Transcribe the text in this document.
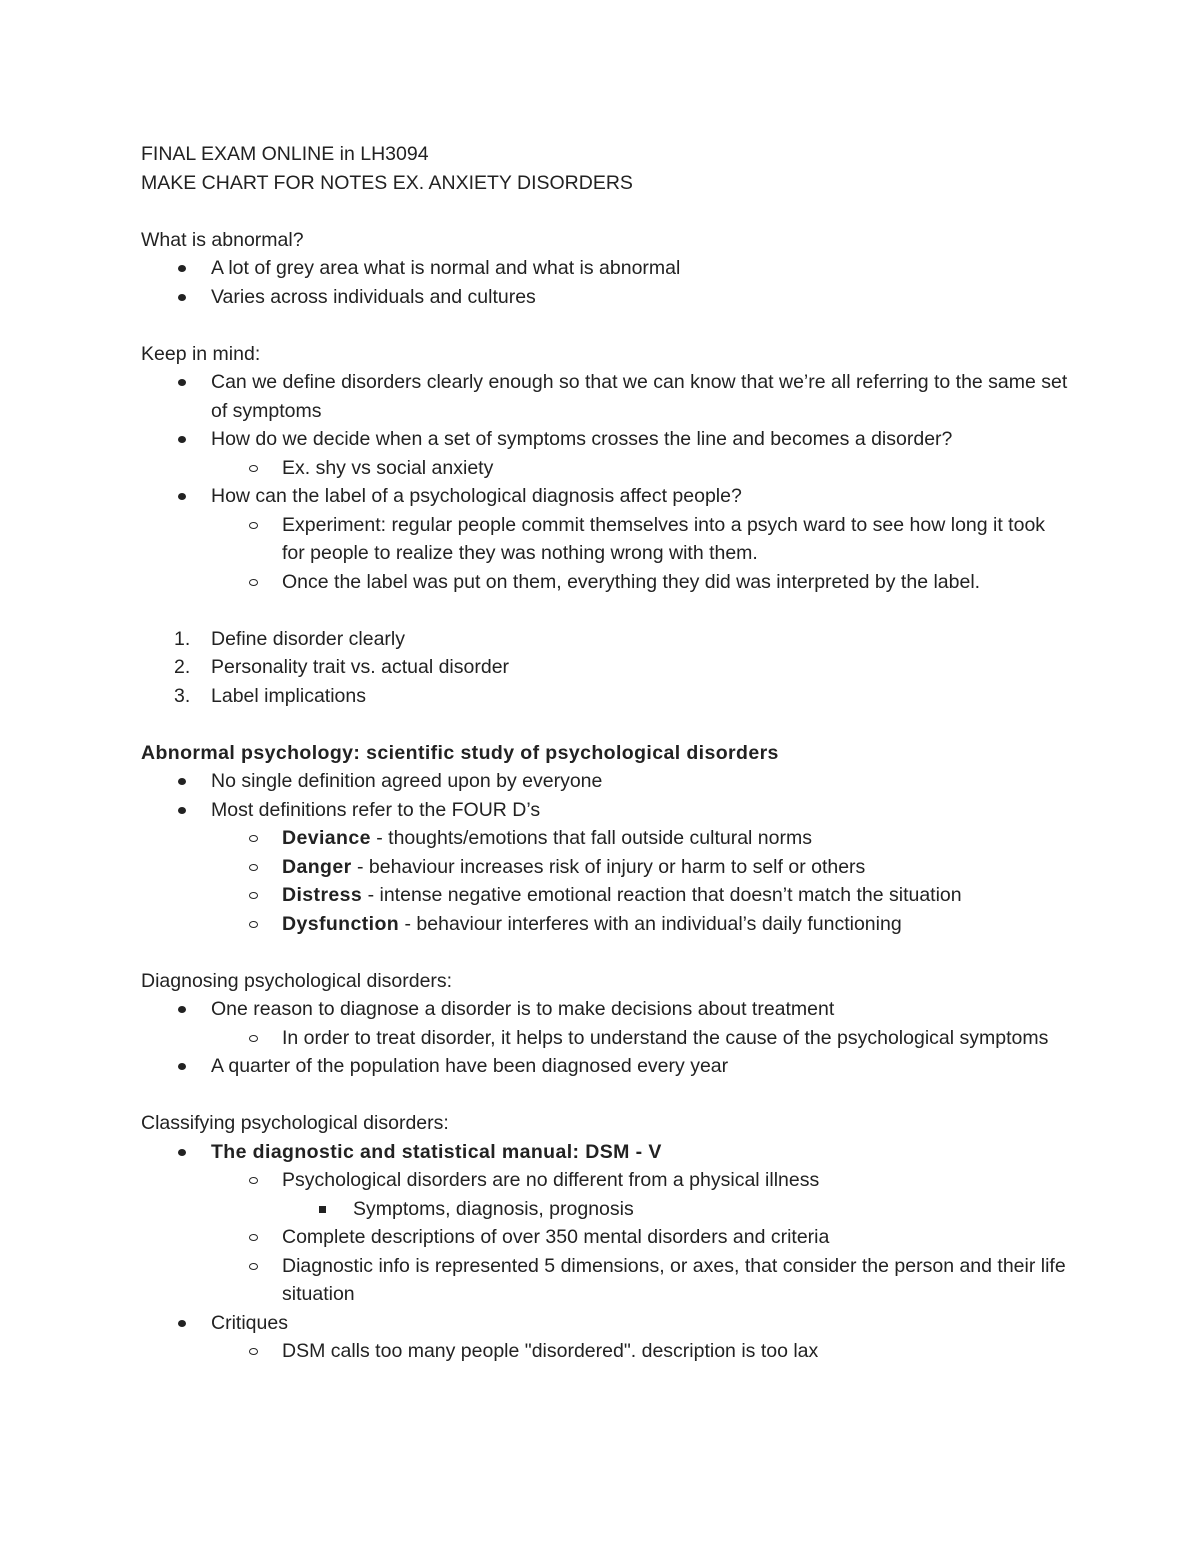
FINAL EXAM ONLINE in LH3094

MAKE CHART FOR NOTES EX. ANXIETY DISORDERS

What is abnormal?

A lot of grey area what is normal and what is abnormal
Varies across individuals and cultures

Keep in mind:

Can we define disorders clearly enough so that we can know that we’re all referring to the same set of symptoms
How do we decide when a set of symptoms crosses the line and becomes a disorder?
Ex. shy vs social anxiety
How can the label of a psychological diagnosis affect people?
Experiment: regular people commit themselves into a psych ward to see how long it took for people to realize they was nothing wrong with them.
Once the label was put on them, everything they did was interpreted by the label.
1. Define disorder clearly
2. Personality trait vs. actual disorder
3. Label implications

Abnormal psychology: scientific study of psychological disorders

No single definition agreed upon by everyone
Most definitions refer to the FOUR D’s
Deviance - thoughts/emotions that fall outside cultural norms
Danger - behaviour increases risk of injury or harm to self or others
Distress - intense negative emotional reaction that doesn’t match the situation
Dysfunction - behaviour interferes with an individual’s daily functioning

Diagnosing psychological disorders:

One reason to diagnose a disorder is to make decisions about treatment
In order to treat disorder, it helps to understand the cause of the psychological symptoms
A quarter of the population have been diagnosed every year

Classifying psychological disorders:

The diagnostic and statistical manual: DSM - V
Psychological disorders are no different from a physical illness
Symptoms, diagnosis, prognosis
Complete descriptions of over 350 mental disorders and criteria
Diagnostic info is represented 5 dimensions, or axes, that consider the person and their life situation
Critiques
DSM calls too many people "disordered". description is too lax
